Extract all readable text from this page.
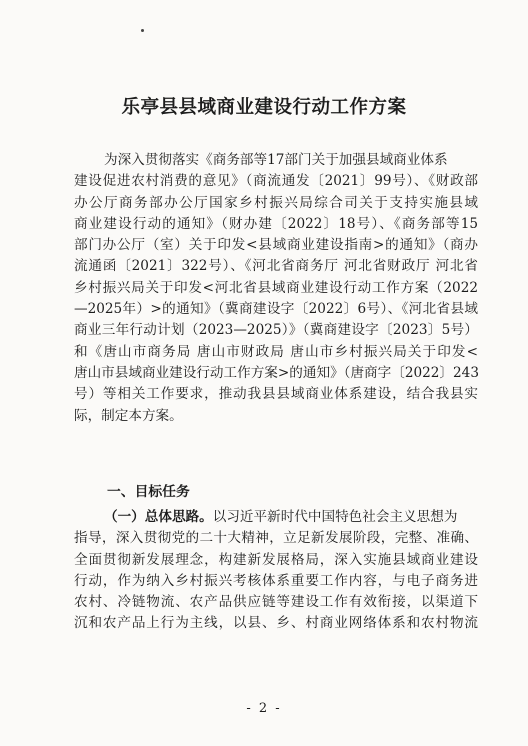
乐亭县县域商业建设行动工作方案
为深入贯彻落实《商务部等17部门关于加强县域商业体系
建设促进农村消费的意见》（商流通发〔2021〕99号）、《财政部
办公厅商务部办公厅国家乡村振兴局综合司关于支持实施县域
商业建设行动的通知》（财办建〔2022〕18号）、《商务部等15
部门办公厅（室）关于印发<县域商业建设指南>的通知》（商办
流通函〔2021〕322号）、《河北省商务厅 河北省财政厅 河北省
乡村振兴局关于印发<河北省县域商业建设行动工作方案（2022
—2025年）>的通知》（冀商建设字〔2022〕6号）、《河北省县域
商业三年行动计划（2023—2025）》（冀商建设字〔2023〕5号）
和《唐山市商务局 唐山市财政局 唐山市乡村振兴局关于印发<
唐山市县域商业建设行动工作方案>的通知》（唐商字〔2022〕243
号）等相关工作要求，推动我县县域商业体系建设，结合我县实
际，制定本方案。
一、目标任务
（一）总体思路。以习近平新时代中国特色社会主义思想为
指导，深入贯彻党的二十大精神，立足新发展阶段，完整、准确、
全面贯彻新发展理念，构建新发展格局，深入实施县域商业建设
行动，作为纳入乡村振兴考核体系重要工作内容，与电子商务进
农村、冷链物流、农产品供应链等建设工作有效衔接，以渠道下
沉和农产品上行为主线，以县、乡、村商业网络体系和农村物流
- 2 -
